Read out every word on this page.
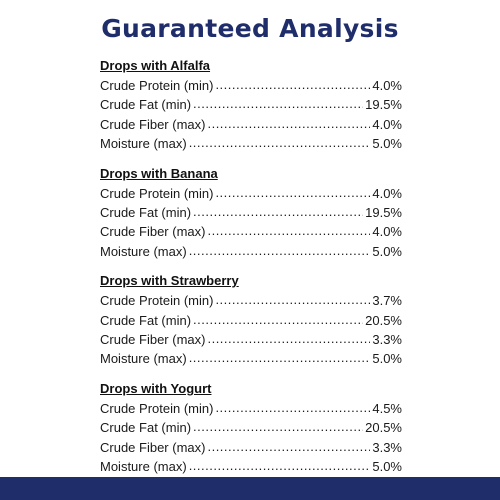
Guaranteed Analysis
Drops with Alfalfa
Crude Protein (min) .....	4.0%
Crude Fat (min) .....	19.5%
Crude Fiber (max) .....	4.0%
Moisture (max) .....	5.0%
Drops with Banana
Crude Protein (min) .....	4.0%
Crude Fat (min) .....	19.5%
Crude Fiber (max) .....	4.0%
Moisture (max) .....	5.0%
Drops with Strawberry
Crude Protein (min) .....	3.7%
Crude Fat (min) .....	20.5%
Crude Fiber (max) .....	3.3%
Moisture (max) .....	5.0%
Drops with Yogurt
Crude Protein (min) .....	4.5%
Crude Fat (min) .....	20.5%
Crude Fiber (max) .....	3.3%
Moisture (max) .....	5.0%
